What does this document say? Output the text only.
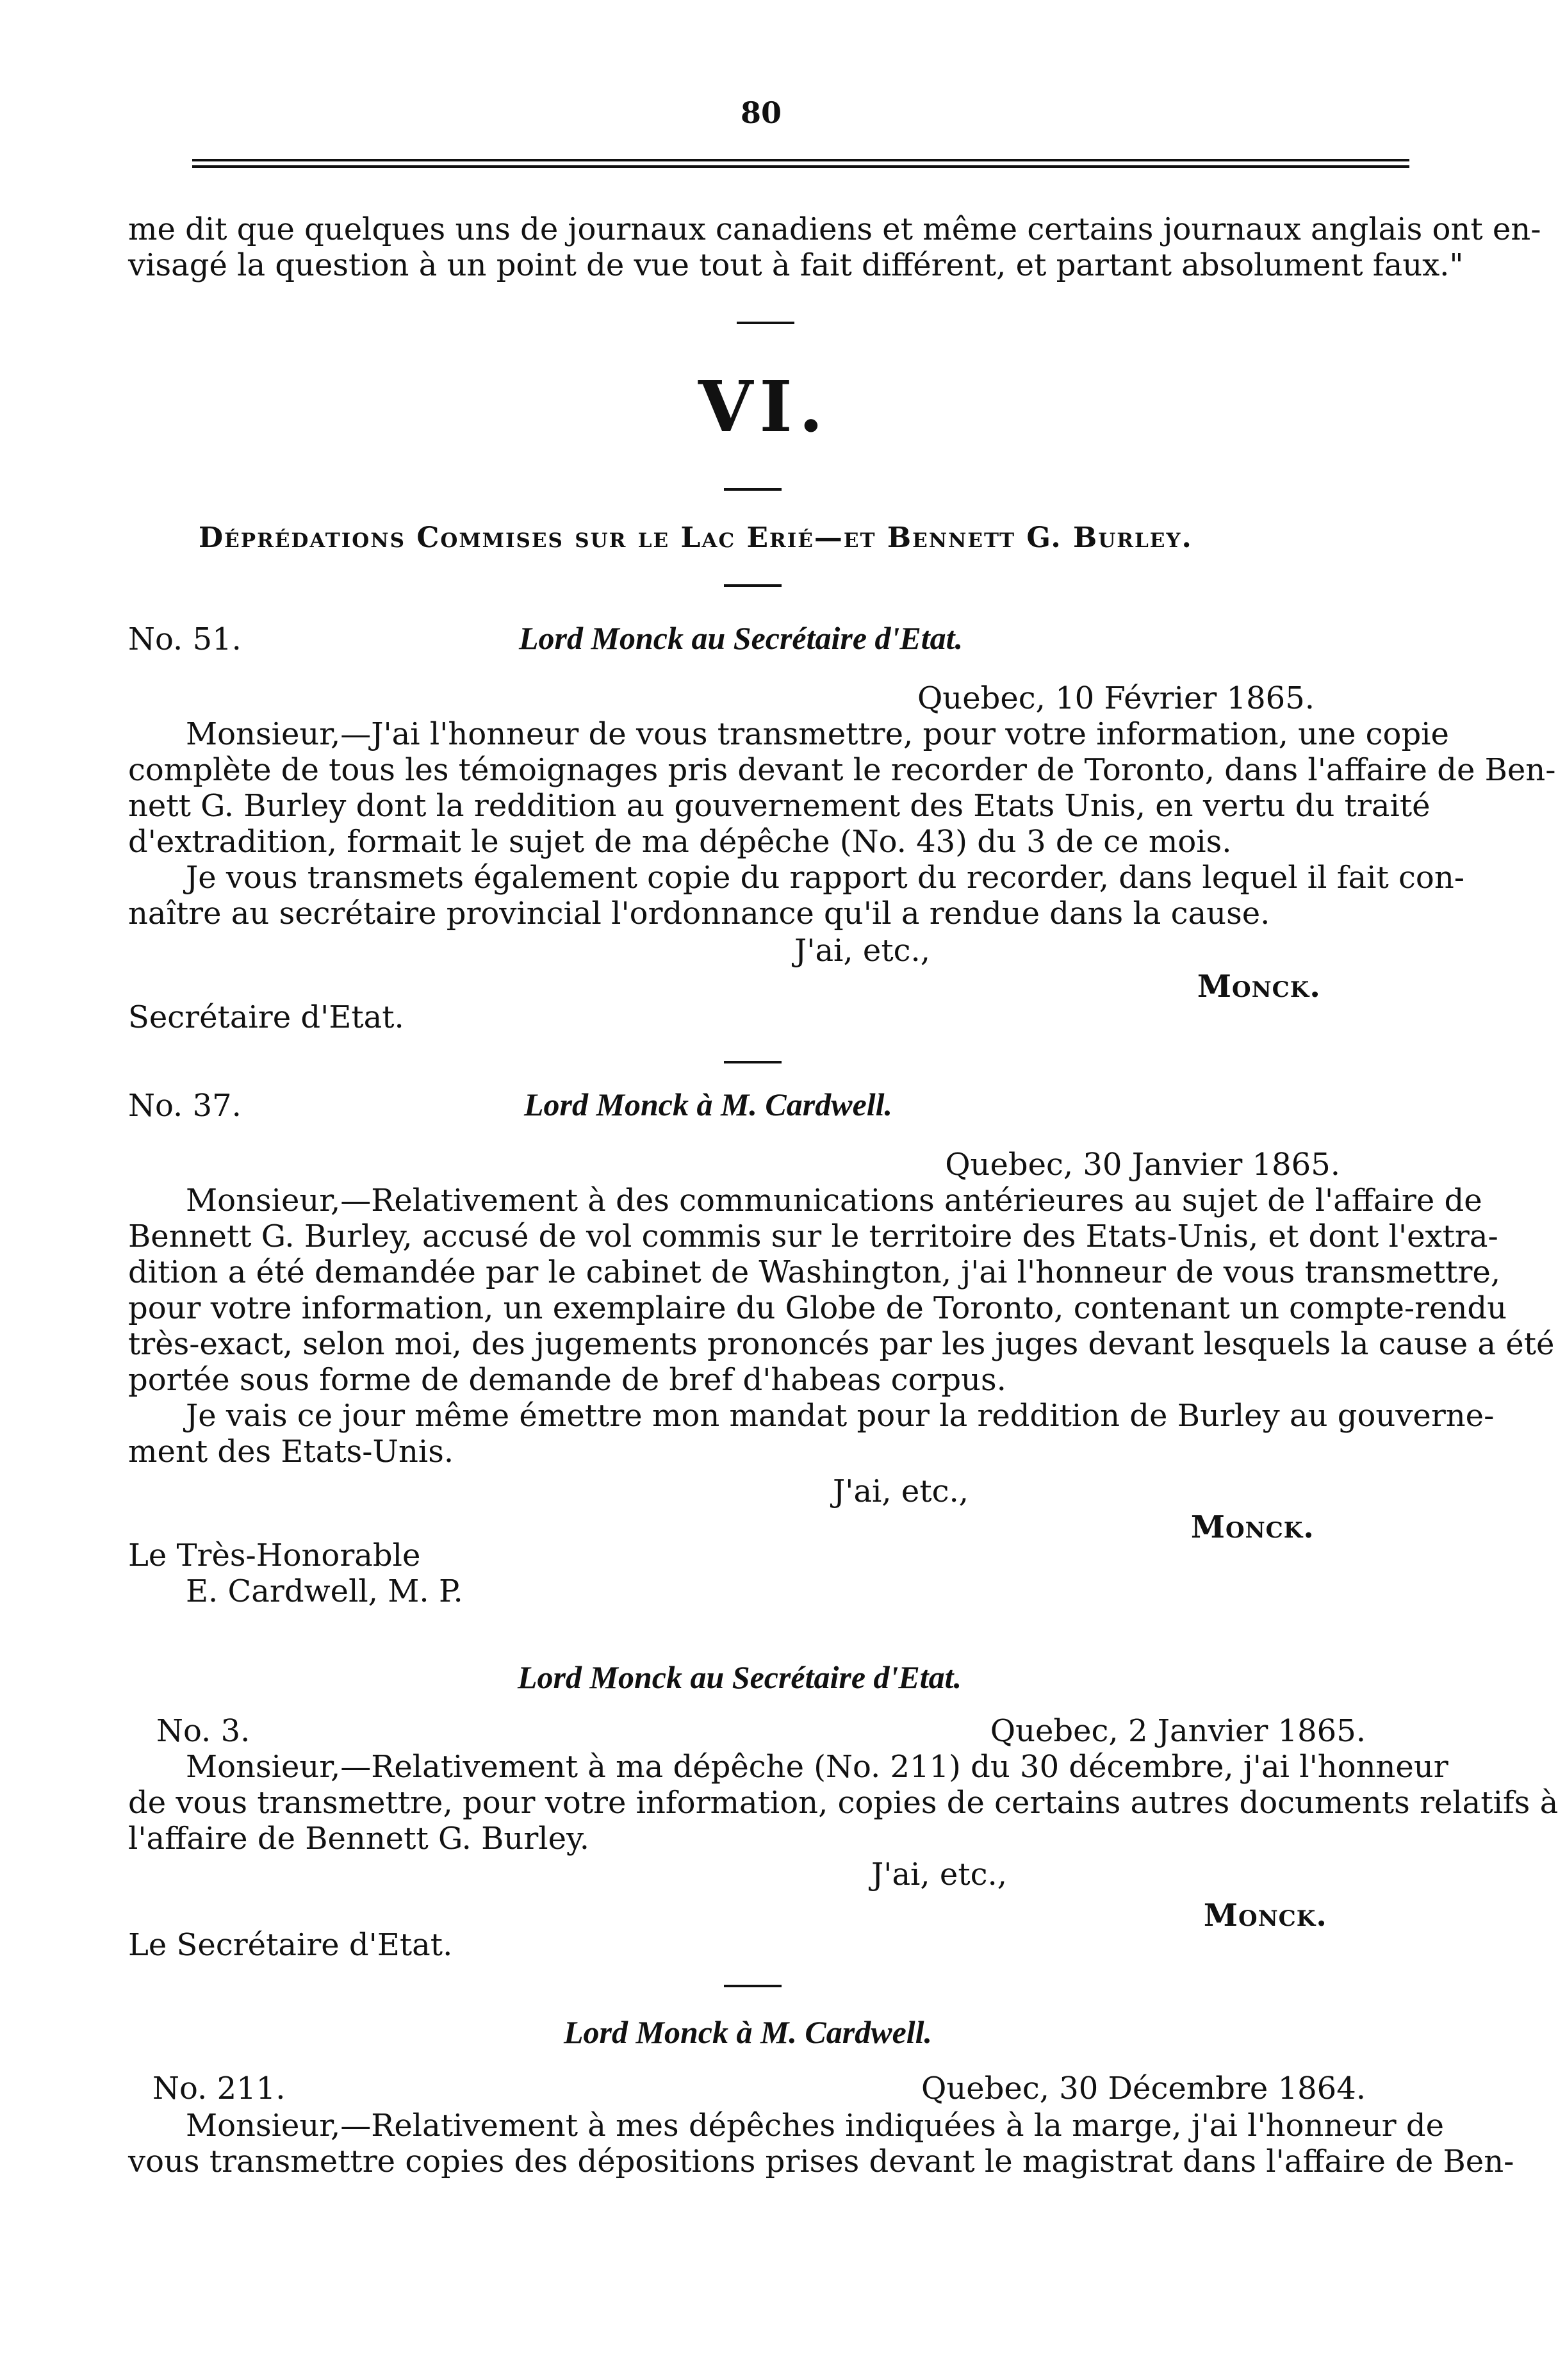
80
me dit que quelques uns de journaux canadiens et même certains journaux anglais ont en-
visagé la question à un point de vue tout à fait différent, et partant absolument faux."
VI.
Déprédations Commises sur le Lac Erié—et Bennett G. Burley.
No. 51.	Lord Monck au Secrétaire d'Etat.
Quebec, 10 Février 1865.
Monsieur,—J'ai l'honneur de vous transmettre, pour votre information, une copie
complète de tous les témoignages pris devant le recorder de Toronto, dans l'affaire de Ben-
nett G. Burley dont la reddition au gouvernement des Etats Unis, en vertu du traité
d'extradition, formait le sujet de ma dépêche (No. 43) du 3 de ce mois.
Je vous transmets également copie du rapport du recorder, dans lequel il fait con-
naître au secrétaire provincial l'ordonnance qu'il a rendue dans la cause.
J'ai, etc.,
Monck.
Secrétaire d'Etat.
No. 37.	Lord Monck à M. Cardwell.
Quebec, 30 Janvier 1865.
Monsieur,—Relativement à des communications antérieures au sujet de l'affaire de
Bennett G. Burley, accusé de vol commis sur le territoire des Etats-Unis, et dont l'extra-
dition a été demandée par le cabinet de Washington, j'ai l'honneur de vous transmettre,
pour votre information, un exemplaire du Globe de Toronto, contenant un compte-rendu
très-exact, selon moi, des jugements prononcés par les juges devant lesquels la cause a été
portée sous forme de demande de bref d'habeas corpus.
Je vais ce jour même émettre mon mandat pour la reddition de Burley au gouverne-
ment des Etats-Unis.
J'ai, etc.,
Monck.
Le Très-Honorable
E. Cardwell, M. P.
Lord Monck au Secrétaire d'Etat.
No. 3.	Quebec, 2 Janvier 1865.
Monsieur,—Relativement à ma dépêche (No. 211) du 30 décembre, j'ai l'honneur
de vous transmettre, pour votre information, copies de certains autres documents relatifs à
l'affaire de Bennett G. Burley.
J'ai, etc.,
Monck.
Le Secrétaire d'Etat.
Lord Monck à M. Cardwell.
No. 211.	Quebec, 30 Décembre 1864.
Monsieur,—Relativement à mes dépêches indiquées à la marge, j'ai l'honneur de
vous transmettre copies des dépositions prises devant le magistrat dans l'affaire de Ben-
